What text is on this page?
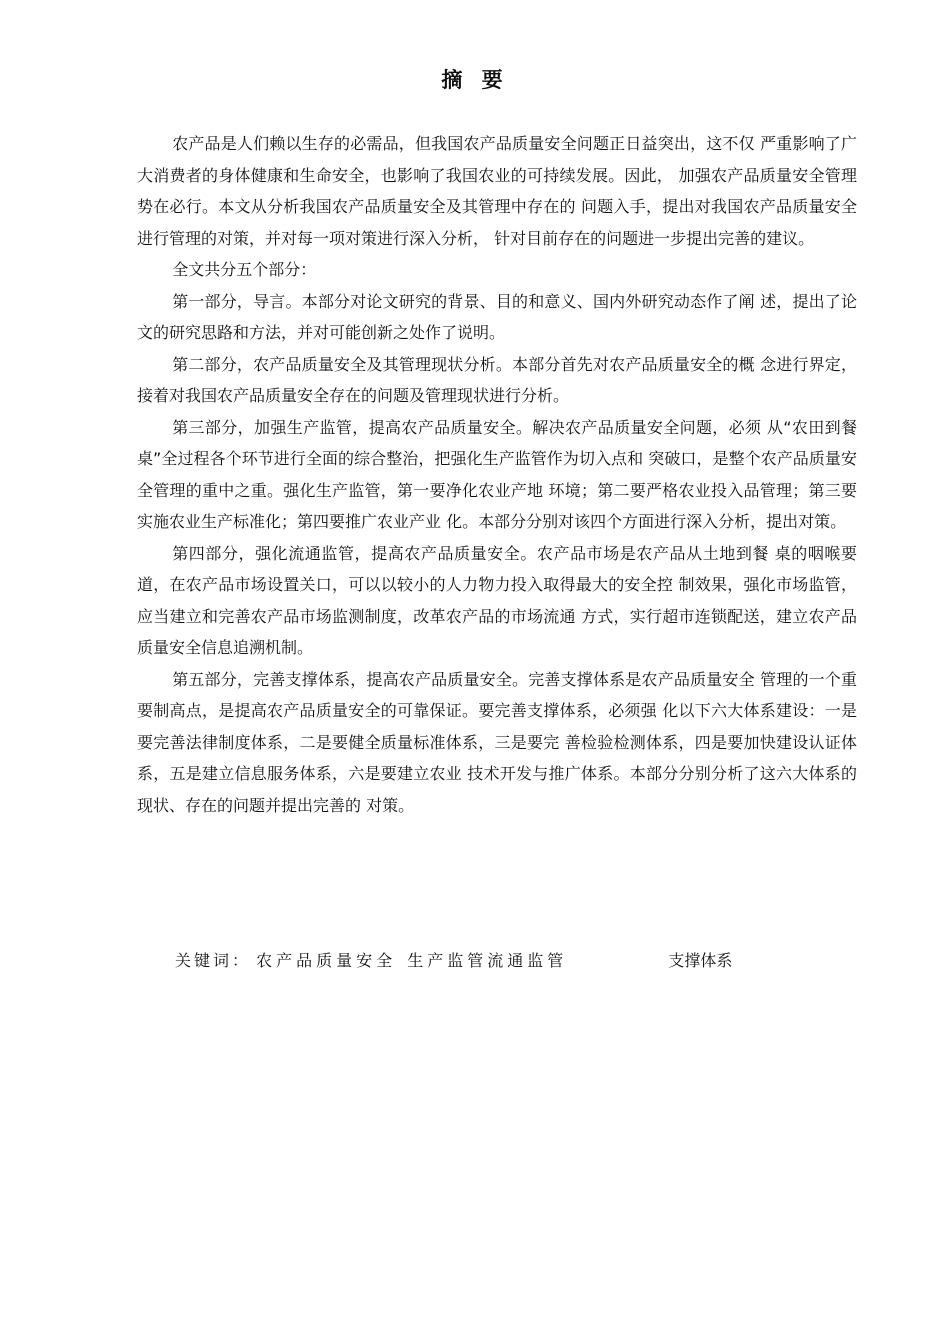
摘 要

农产品是人们赖以生存的必需品，但我国农产品质量安全问题正日益突出，这不仅 严重影响了广大消费者的身体健康和生命安全，也影响了我国农业的可持续发展。因此， 加强农产品质量安全管理势在必行。本文从分析我国农产品质量安全及其管理中存在的 问题入手，提出对我国农产品质量安全进行管理的对策，并对每一项对策进行深入分析， 针对目前存在的问题进一步提出完善的建议。

全文共分五个部分：

第一部分，导言。本部分对论文研究的背景、目的和意义、国内外研究动态作了阐 述，提出了论文的研究思路和方法，并对可能创新之处作了说明。

第二部分，农产品质量安全及其管理现状分析。本部分首先对农产品质量安全的概 念进行界定，接着对我国农产品质量安全存在的问题及管理现状进行分析。

第三部分，加强生产监管，提高农产品质量安全。解决农产品质量安全问题，必须 从“农田到餐桌”全过程各个环节进行全面的综合整治，把强化生产监管作为切入点和 突破口，是整个农产品质量安全管理的重中之重。强化生产监管，第一要净化农业产地 环境；第二要严格农业投入品管理；第三要实施农业生产标准化；第四要推广农业产业 化。本部分分别对该四个方面进行深入分析，提出对策。

第四部分，强化流通监管，提高农产品质量安全。农产品市场是农产品从土地到餐 桌的咽喉要道，在农产品市场设置关口，可以以较小的人力物力投入取得最大的安全控 制效果，强化市场监管，应当建立和完善农产品市场监测制度，改革农产品的市场流通 方式，实行超市连锁配送，建立农产品质量安全信息追溯机制。

第五部分，完善支撑体系，提高农产品质量安全。完善支撑体系是农产品质量安全 管理的一个重要制高点，是提高农产品质量安全的可靠保证。要完善支撑体系，必须强 化以下六大体系建设：一是要完善法律制度体系，二是要健全质量标准体系，三是要完 善检验检测体系，四是要加快建设认证体系，五是建立信息服务体系，六是要建立农业 技术开发与推广体系。本部分分别分析了这六大体系的现状、存在的问题并提出完善的 对策。

关键词： 农产品质量安全 生产监管流通监管	支撑体系
